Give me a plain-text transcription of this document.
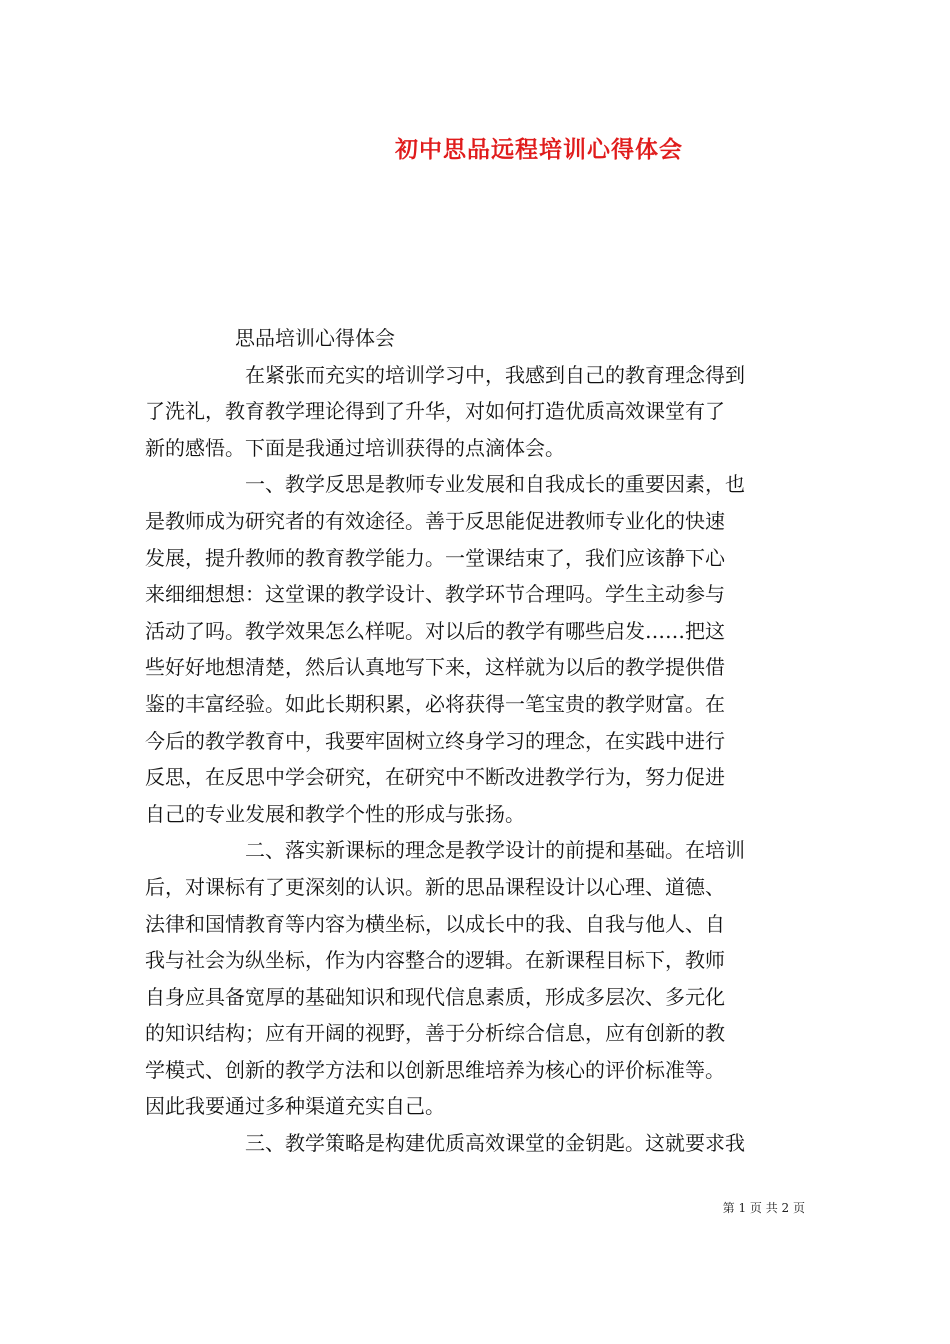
初中思品远程培训心得体会
思品培训心得体会
在紧张而充实的培训学习中，我感到自己的教育理念得到
了洗礼，教育教学理论得到了升华，对如何打造优质高效课堂有了
新的感悟。下面是我通过培训获得的点滴体会。
一、教学反思是教师专业发展和自我成长的重要因素，也
是教师成为研究者的有效途径。善于反思能促进教师专业化的快速
发展，提升教师的教育教学能力。一堂课结束了，我们应该静下心
来细细想想：这堂课的教学设计、教学环节合理吗。学生主动参与
活动了吗。教学效果怎么样呢。对以后的教学有哪些启发……把这
些好好地想清楚，然后认真地写下来，这样就为以后的教学提供借
鉴的丰富经验。如此长期积累，必将获得一笔宝贵的教学财富。在
今后的教学教育中，我要牢固树立终身学习的理念，在实践中进行
反思，在反思中学会研究，在研究中不断改进教学行为，努力促进
自己的专业发展和教学个性的形成与张扬。
二、落实新课标的理念是教学设计的前提和基础。在培训
后，对课标有了更深刻的认识。新的思品课程设计以心理、道德、
法律和国情教育等内容为横坐标，以成长中的我、自我与他人、自
我与社会为纵坐标，作为内容整合的逻辑。在新课程目标下，教师
自身应具备宽厚的基础知识和现代信息素质，形成多层次、多元化
的知识结构；应有开阔的视野，善于分析综合信息，应有创新的教
学模式、创新的教学方法和以创新思维培养为核心的评价标准等。
因此我要通过多种渠道充实自己。
三、教学策略是构建优质高效课堂的金钥匙。这就要求我
第 1 页 共 2 页
